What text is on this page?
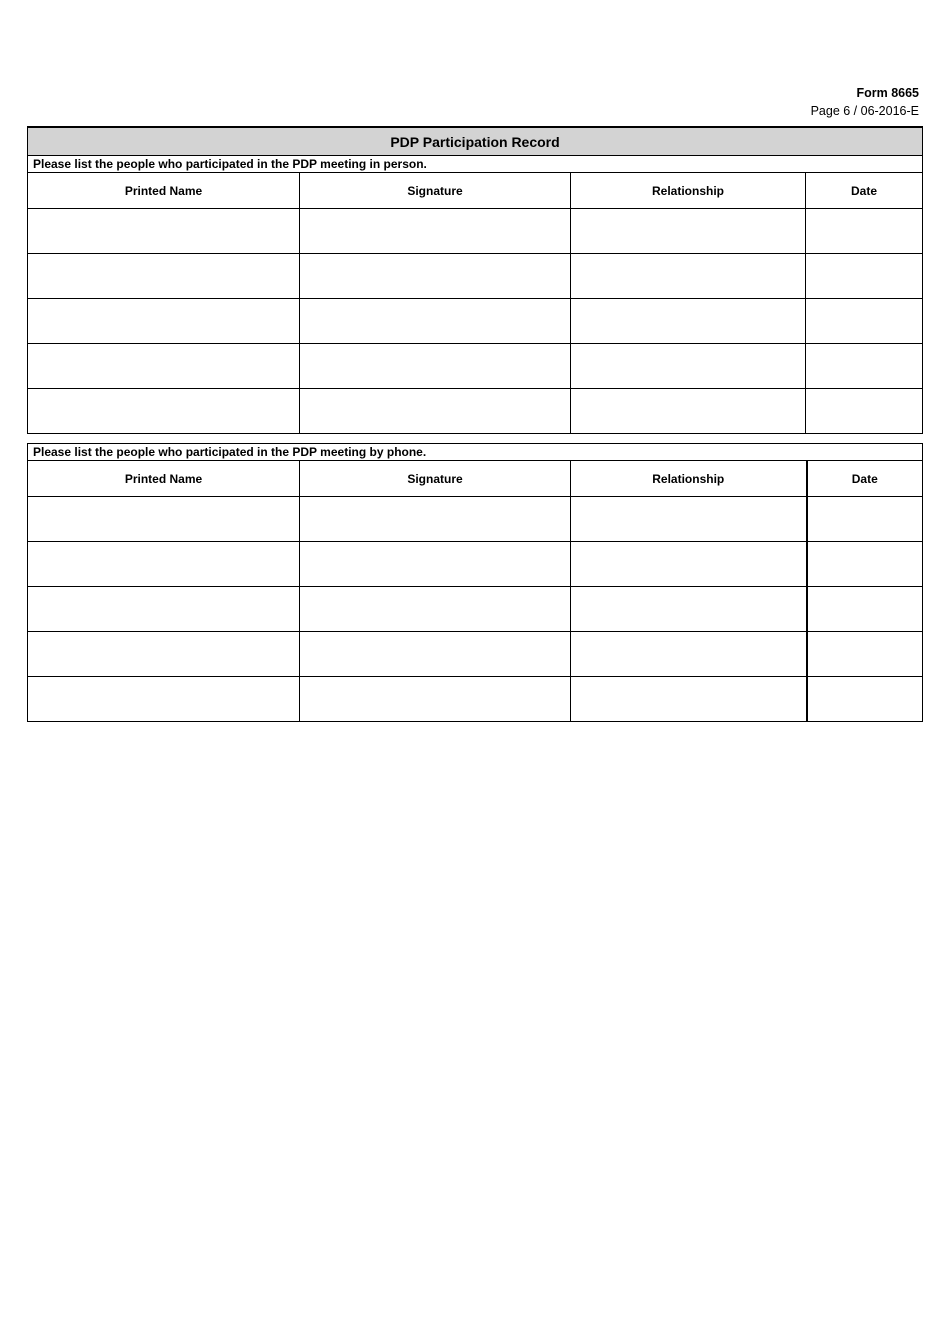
Form 8665
Page 6 / 06-2016-E
PDP Participation Record			
Please list the people who participated in the PDP meeting in person.			
Printed Name	Signature	Relationship	Date

Please list the people who participated in the PDP meeting by phone.			
Printed Name	Signature	Relationship	Date
